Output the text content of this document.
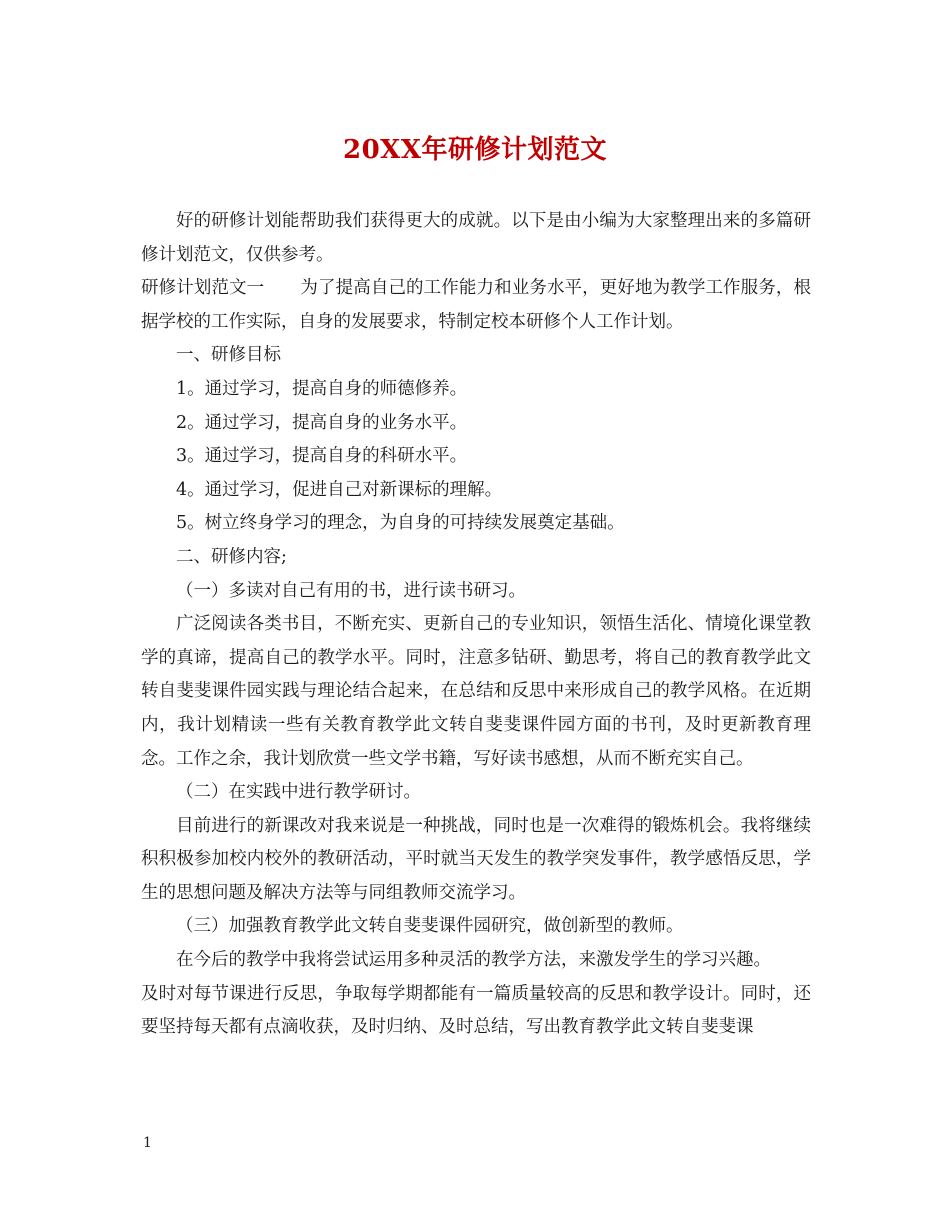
20XX年研修计划范文

好的研修计划能帮助我们获得更大的成就。以下是由小编为大家整理出来的多篇研修计划范文，仅供参考。

研修计划范文一 为了提高自己的工作能力和业务水平，更好地为教学工作服务，根据学校的工作实际，自身的发展要求，特制定校本研修个人工作计划。

一、研修目标

1。通过学习，提高自身的师德修养。

2。通过学习，提高自身的业务水平。

3。通过学习，提高自身的科研水平。

4。通过学习，促进自己对新课标的理解。

5。树立终身学习的理念，为自身的可持续发展奠定基础。

二、研修内容;

（一）多读对自己有用的书，进行读书研习。

广泛阅读各类书目，不断充实、更新自己的专业知识，领悟生活化、情境化课堂教学的真谛，提高自己的教学水平。同时，注意多钻研、勤思考，将自己的教育教学此文转自斐斐课件园实践与理论结合起来，在总结和反思中来形成自己的教学风格。在近期内，我计划精读一些有关教育教学此文转自斐斐课件园方面的书刊，及时更新教育理念。工作之余，我计划欣赏一些文学书籍，写好读书感想，从而不断充实自己。

（二）在实践中进行教学研讨。

目前进行的新课改对我来说是一种挑战，同时也是一次难得的锻炼机会。我将继续积积极参加校内校外的教研活动，平时就当天发生的教学突发事件，教学感悟反思，学生的思想问题及解决方法等与同组教师交流学习。

（三）加强教育教学此文转自斐斐课件园研究，做创新型的教师。

在今后的教学中我将尝试运用多种灵活的教学方法，来激发学生的学习兴趣。

及时对每节课进行反思，争取每学期都能有一篇质量较高的反思和教学设计。同时，还要坚持每天都有点滴收获，及时归纳、及时总结，写出教育教学此文转自斐斐课

1
